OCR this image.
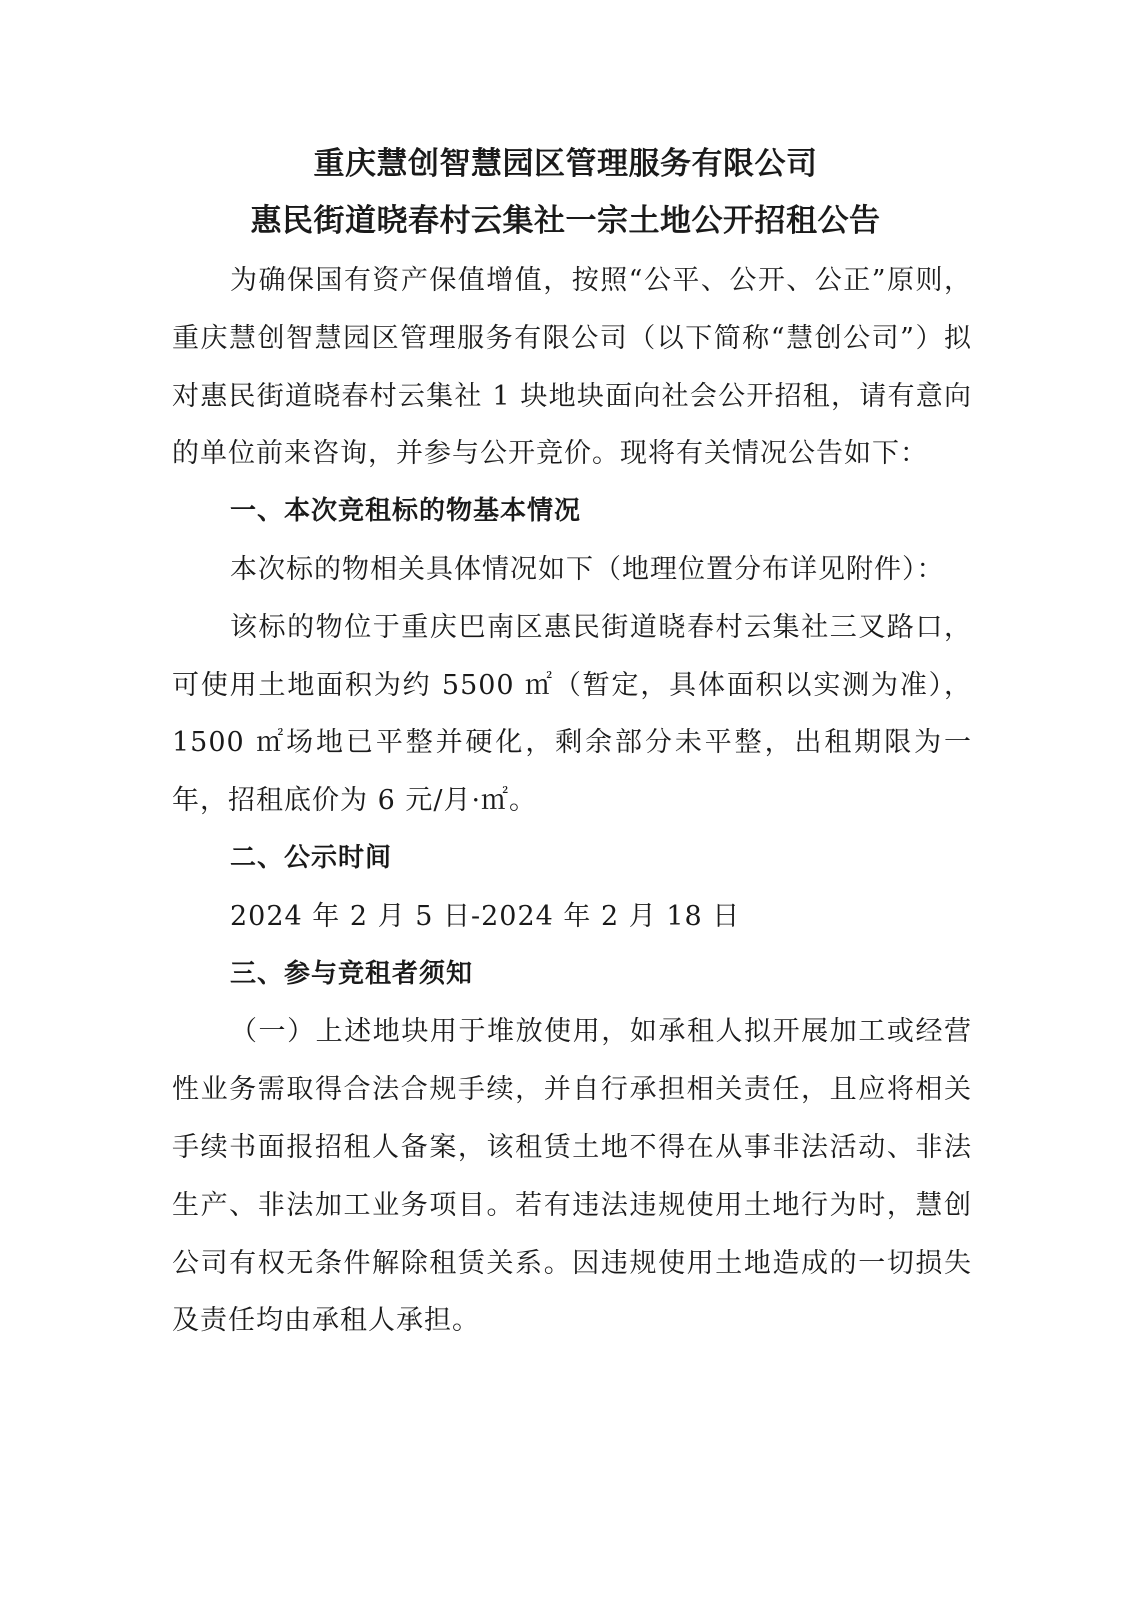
重庆慧创智慧园区管理服务有限公司
惠民街道晓春村云集社一宗土地公开招租公告

为确保国有资产保值增值，按照“公平、公开、公正”原则，重庆慧创智慧园区管理服务有限公司（以下简称“慧创公司”）拟对惠民街道晓春村云集社 1 块地块面向社会公开招租，请有意向的单位前来咨询，并参与公开竞价。现将有关情况公告如下：

一、本次竞租标的物基本情况

本次标的物相关具体情况如下（地理位置分布详见附件）：

该标的物位于重庆巴南区惠民街道晓春村云集社三叉路口，可使用土地面积为约 5500 ㎡（暂定，具体面积以实测为准），1500 ㎡场地已平整并硬化，剩余部分未平整，出租期限为一年，招租底价为 6 元/月·㎡。

二、公示时间

2024 年 2 月 5 日-2024 年 2 月 18 日

三、参与竞租者须知

（一）上述地块用于堆放使用，如承租人拟开展加工或经营性业务需取得合法合规手续，并自行承担相关责任，且应将相关手续书面报招租人备案，该租赁土地不得在从事非法活动、非法生产、非法加工业务项目。若有违法违规使用土地行为时，慧创公司有权无条件解除租赁关系。因违规使用土地造成的一切损失及责任均由承租人承担。
